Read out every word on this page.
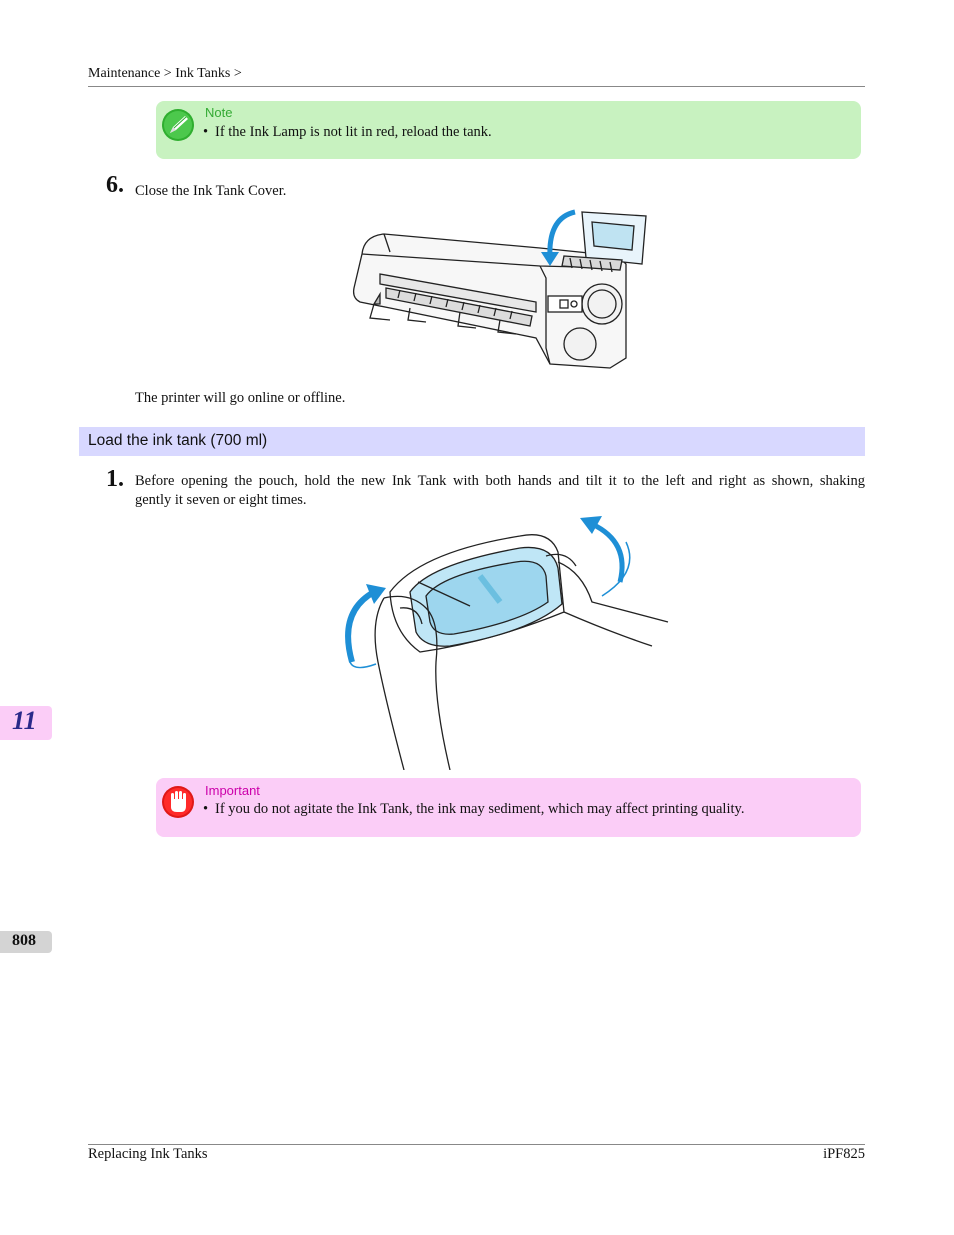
Maintenance > Ink Tanks >
Note
• If the Ink Lamp is not lit in red, reload the tank.
6. Close the Ink Tank Cover.
The printer will go online or offline.
Load the ink tank (700 ml)
1. Before opening the pouch, hold the new Ink Tank with both hands and tilt it to the left and right as shown, shaking
gently it seven or eight times.
Important
• If you do not agitate the Ink Tank, the ink may sediment, which may affect printing quality.
11
808
Replacing Ink Tanks	iPF825
